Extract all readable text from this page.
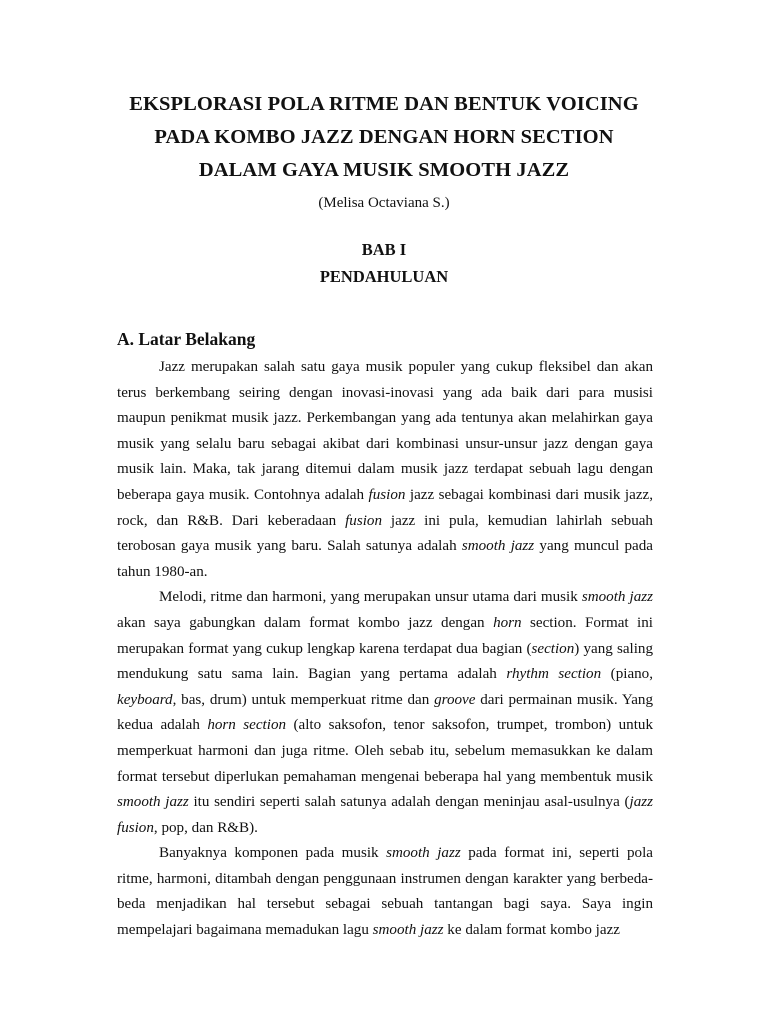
EKSPLORASI POLA RITME DAN BENTUK VOICING
PADA KOMBO JAZZ DENGAN HORN SECTION
DALAM GAYA MUSIK SMOOTH JAZZ
(Melisa Octaviana S.)
BAB I
PENDAHULUAN
A. Latar Belakang

Jazz merupakan salah satu gaya musik populer yang cukup fleksibel dan akan terus berkembang seiring dengan inovasi-inovasi yang ada baik dari para musisi maupun penikmat musik jazz. Perkembangan yang ada tentunya akan melahirkan gaya musik yang selalu baru sebagai akibat dari kombinasi unsur-unsur jazz dengan gaya musik lain. Maka, tak jarang ditemui dalam musik jazz terdapat sebuah lagu dengan beberapa gaya musik. Contohnya adalah fusion jazz sebagai kombinasi dari musik jazz, rock, dan R&B. Dari keberadaan fusion jazz ini pula, kemudian lahirlah sebuah terobosan gaya musik yang baru. Salah satunya adalah smooth jazz yang muncul pada tahun 1980-an.

Melodi, ritme dan harmoni, yang merupakan unsur utama dari musik smooth jazz akan saya gabungkan dalam format kombo jazz dengan horn section. Format ini merupakan format yang cukup lengkap karena terdapat dua bagian (section) yang saling mendukung satu sama lain. Bagian yang pertama adalah rhythm section (piano, keyboard, bas, drum) untuk memperkuat ritme dan groove dari permainan musik. Yang kedua adalah horn section (alto saksofon, tenor saksofon, trumpet, trombon) untuk memperkuat harmoni dan juga ritme. Oleh sebab itu, sebelum memasukkan ke dalam format tersebut diperlukan pemahaman mengenai beberapa hal yang membentuk musik smooth jazz itu sendiri seperti salah satunya adalah dengan meninjau asal-usulnya (jazz fusion, pop, dan R&B).

Banyaknya komponen pada musik smooth jazz pada format ini, seperti pola ritme, harmoni, ditambah dengan penggunaan instrumen dengan karakter yang berbeda-beda menjadikan hal tersebut sebagai sebuah tantangan bagi saya. Saya ingin mempelajari bagaimana memadukan lagu smooth jazz ke dalam format kombo jazz
